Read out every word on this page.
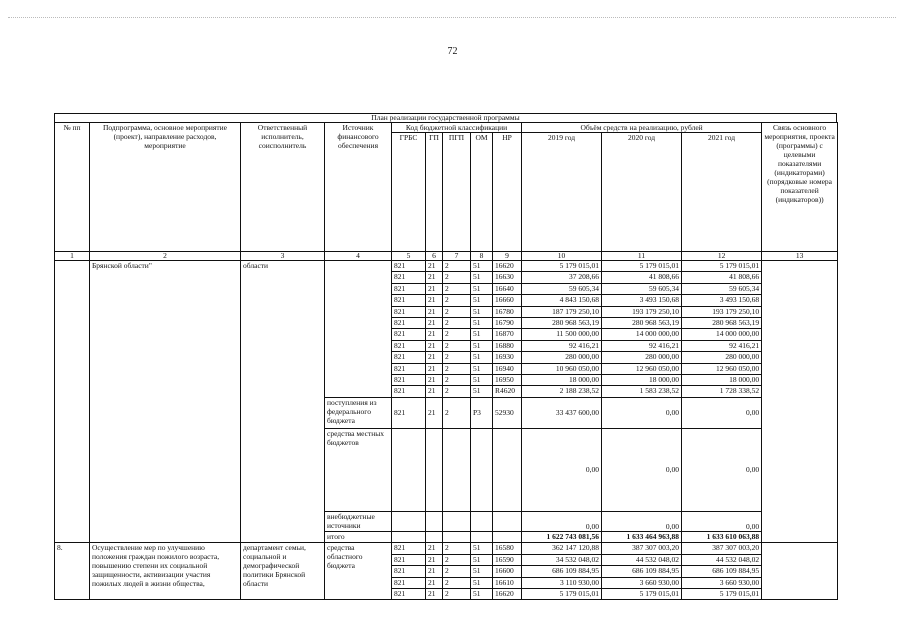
72
План реализации государственной программы
№ пп	Подпрограмма, основное мероприятие (проект), направление расходов, мероприятие	Ответственный исполнитель, соисполнитель	Источник финансового обеспечения	Код бюджетной классификации					Объём средств на реализацию, рублей			Связь основного мероприятия, проекта (программы) с целевыми показателями (индикаторами) (порядковые номера показателей (индикаторов))
				ГРБС	ГП	ПГП	ОМ	НР	2019 год	2020 год	2021 год	
1	2	3	4	5	6	7	8	9	10	11	12	13
	Брянской области"	области		821	21	2	51	16620	5 179 015,01	5 179 015,01	5 179 015,01	
				821	21	2	51	16630	37 208,66	41 808,66	41 808,66	
				821	21	2	51	16640	59 605,34	59 605,34	59 605,34	
				821	21	2	51	16660	4 843 150,68	3 493 150,68	3 493 150,68	
				821	21	2	51	16780	187 179 250,10	193 179 250,10	193 179 250,10	
				821	21	2	51	16790	280 968 563,19	280 968 563,19	280 968 563,19	
				821	21	2	51	16870	11 500 000,00	14 000 000,00	14 000 000,00	
				821	21	2	51	16880	92 416,21	92 416,21	92 416,21	
				821	21	2	51	16930	280 000,00	280 000,00	280 000,00	
				821	21	2	51	16940	10 960 050,00	12 960 050,00	12 960 050,00	
				821	21	2	51	16950	18 000,00	18 000,00	18 000,00	
				821	21	2	51	R4620	2 188 238,52	1 583 238,52	1 728 338,52	
			поступления из федерального бюджета	821	21	2	P3	52930	33 437 600,00	0,00	0,00	
			средства местных бюджетов						0,00	0,00	0,00	
			внебюджетные источники						0,00	0,00	0,00	
			итого						1 622 743 081,56	1 633 464 963,88	1 633 610 063,88	
8.	Осуществление мер по улучшению положения граждан пожилого возраста, повышению степени их социальной защищенности, активизации участия пожилых людей в жизни общества,	департамент семьи, социальной и демографической политики Брянской области	средства областного бюджета	821	21	2	51	16580	362 147 120,88	387 307 003,20	387 307 003,20	
				821	21	2	51	16590	34 532 048,02	44 532 048,02	44 532 048,02	
				821	21	2	51	16600	686 109 884,95	686 109 884,95	686 109 884,95	
				821	21	2	51	16610	3 110 930,00	3 660 930,00	3 660 930,00	
				821	21	2	51	16620	5 179 015,01	5 179 015,01	5 179 015,01	
